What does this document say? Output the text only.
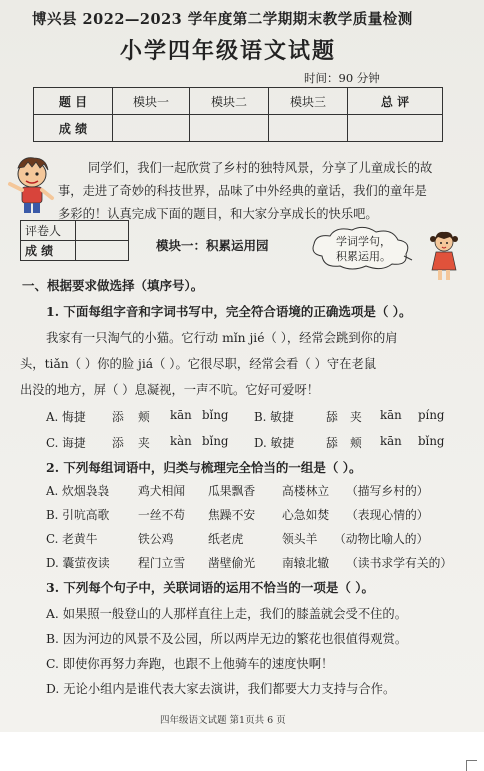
博兴县 2022—2023 学年度第二学期期末教学质量检测
小学四年级语文试题
时间：90 分钟
题 目	模块一	模块二	模块三	总 评
成 绩				
同学们，我们一起欣赏了乡村的独特风景，分享了儿童成长的故
事，走进了奇妙的科技世界，品味了中外经典的童话，我们的童年是
多彩的！认真完成下面的题目，和大家分享成长的快乐吧。
评卷人	
成 绩		模块一：积累运用园	学词学句，
积累运用。
一、根据要求做选择（填序号）。
1. 下面每组字音和字词书写中，完全符合语境的正确选项是（ ）。
我家有一只淘气的小猫。它行动 mǐn jié（ ），经常会跳到你的肩
头，tiǎn（ ）你的脸 jiá（ ）。它很尽职，经常会看（ ）守在老鼠
出没的地方，屏（ ）息凝视，一声不吭。它好可爱呀！
A. 悔捷 添 颊 kān bǐng B. 敏捷	舔 夹 kān píng
C. 诲捷 添 夹 kàn bǐng D. 敏捷	舔 颊 kān bǐng
2. 下列每组词语中，归类与梳理完全恰当的一组是（ ）。
A. 炊烟袅袅 鸡犬相闻 瓜果飘香 高楼林立 （描写乡村的）
B. 引吭高歌 一丝不苟 焦躁不安 心急如焚 （表现心情的）
C. 老黄牛	铁公鸡	纸老虎	领头羊 （动物比喻人的）
D. 囊萤夜读 程门立雪 凿壁偷光 南辕北辙 （读书求学有关的）
3. 下列每个句子中，关联词语的运用不恰当的一项是（ ）。
A. 如果照一般登山的人那样直往上走，我们的膝盖就会受不住的。
B. 因为河边的风景不及公园，所以两岸无边的繁花也很值得观赏。
C. 即使你再努力奔跑，也跟不上他骑车的速度快啊！
D. 无论小组内是谁代表大家去演讲，我们都要大力支持与合作。
四年级语文试题 第1页共 6 页
